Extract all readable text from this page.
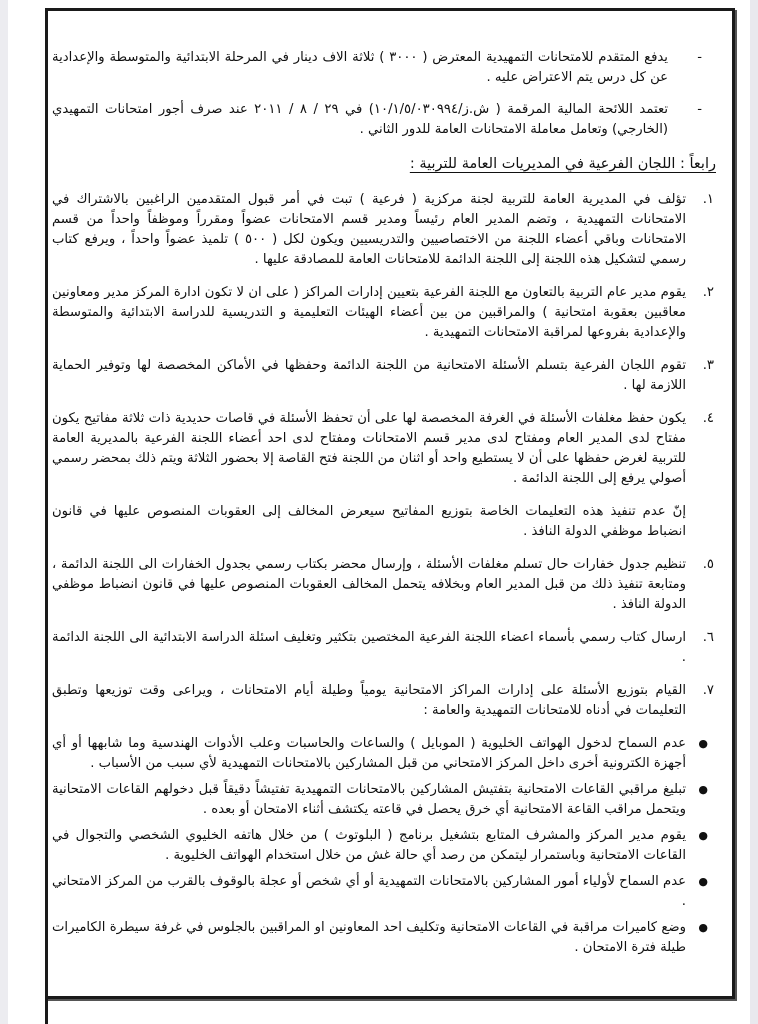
-
يدفع المتقدم للامتحانات التمهيدية المعترض ( ٣٠٠٠ ) ثلاثة الاف دينار في المرحلة الابتدائية والمتوسطة والإعدادية عن كل درس يتم الاعتراض عليه .
-
تعتمد اللائحة المالية المرقمة ( ش.ز/١٠/١/٥/٠٣٠٩٩٤) في ٢٩ / ٨ / ٢٠١١ عند صرف أجور امتحانات التمهيدي (الخارجي) وتعامل معاملة الامتحانات العامة للدور الثاني .
رابعاً : اللجان الفرعية في المديريات العامة للتربية :
١.
تؤلف في المديرية العامة للتربية لجنة مركزية ( فرعية ) تبت في أمر قبول المتقدمين الراغبين بالاشتراك في الامتحانات التمهيدية ، وتضم المدير العام رئيساً ومدير قسم الامتحانات عضواً ومقرراً وموظفاً واحداً من قسم الامتحانات وباقي أعضاء اللجنة من الاختصاصيين والتدريسيين ويكون لكل ( ٥٠٠ ) تلميذ عضواً واحداً ، ويرفع كتاب رسمي لتشكيل هذه اللجنة إلى اللجنة الدائمة للامتحانات العامة للمصادقة عليها .
٢.
يقوم مدير عام التربية بالتعاون مع اللجنة الفرعية بتعيين إدارات المراكز ( على ان لا تكون ادارة المركز مدير ومعاونين معاقبين بعقوبة امتحانية ) والمراقبين من بين أعضاء الهيئات التعليمية و التدريسية للدراسة الابتدائية والمتوسطة والإعدادية بفروعها لمراقبة الامتحانات التمهيدية .
٣.
تقوم اللجان الفرعية بتسلم الأسئلة الامتحانية من اللجنة الدائمة وحفظها في الأماكن المخصصة لها وتوفير الحماية اللازمة لها .
٤.
يكون حفظ مغلفات الأسئلة في الغرفة المخصصة لها على أن تحفظ الأسئلة في قاصات حديدية ذات ثلاثة مفاتيح يكون مفتاح لدى المدير العام ومفتاح لدى مدير قسم الامتحانات ومفتاح لدى احد أعضاء اللجنة الفرعية بالمديرية العامة للتربية لغرض حفظها على أن لا يستطيع واحد أو اثنان من اللجنة فتح القاصة إلا بحضور الثلاثة ويتم ذلك بمحضر رسمي أصولي يرفع إلى اللجنة الدائمة .
إنّ عدم تنفيذ هذه التعليمات الخاصة بتوزيع المفاتيح سيعرض المخالف إلى العقوبات المنصوص عليها في قانون انضباط موظفي الدولة النافذ .
٥.
تنظيم جدول خفارات حال تسلم مغلفات الأسئلة ، وإرسال محضر بكتاب رسمي بجدول الخفارات الى اللجنة الدائمة ، ومتابعة تنفيذ ذلك من قبل المدير العام وبخلافه يتحمل المخالف العقوبات المنصوص عليها في قانون انضباط موظفي الدولة النافذ .
٦.
ارسال كتاب رسمي بأسماء اعضاء اللجنة الفرعية المختصين بتكثير وتغليف اسئلة الدراسة الابتدائية الى اللجنة الدائمة .
٧.
القيام بتوزيع الأسئلة على إدارات المراكز الامتحانية يومياً وطيلة أيام الامتحانات ، ويراعى وقت توزيعها وتطبق التعليمات في أدناه للامتحانات التمهيدية والعامة :
●
عدم السماح لدخول الهواتف الخليوية ( الموبايل ) والساعات والحاسبات وعلب الأدوات الهندسية وما شابهها أو أي أجهزة الكترونية أخرى داخل المركز الامتحاني من قبل المشاركين بالامتحانات التمهيدية لأي سبب من الأسباب .
●
تبليغ مراقبي القاعات الامتحانية بتفتيش المشاركين بالامتحانات التمهيدية تفتيشاً دقيقاً قبل دخولهم القاعات الامتحانية ويتحمل مراقب القاعة الامتحانية أي خرق يحصل في قاعته يكتشف أثناء الامتحان أو بعده .
●
يقوم مدير المركز والمشرف المتابع بتشغيل برنامج ( البلوتوث ) من خلال هاتفه الخليوي الشخصي والتجوال في القاعات الامتحانية وباستمرار ليتمكن من رصد أي حالة غش من خلال استخدام الهواتف الخليوية .
●
عدم السماح لأولياء أمور المشاركين بالامتحانات التمهيدية أو أي شخص أو عجلة بالوقوف بالقرب من المركز الامتحاني .
●
وضع كاميرات مراقبة في القاعات الامتحانية وتكليف احد المعاونين او المراقبين بالجلوس في غرفة سيطرة الكاميرات طيلة فترة الامتحان .
